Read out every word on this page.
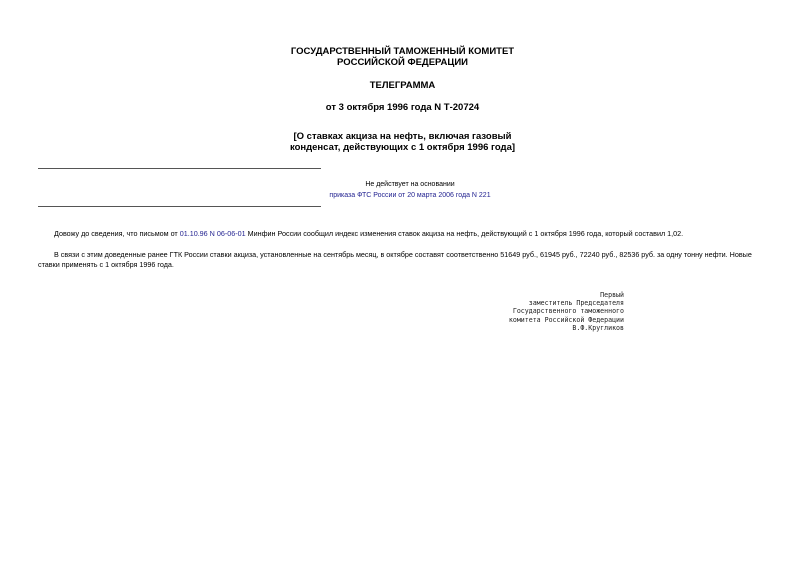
ГОСУДАРСТВЕННЫЙ ТАМОЖЕННЫЙ КОМИТЕТ
РОССИЙСКОЙ ФЕДЕРАЦИИ
ТЕЛЕГРАММА
от 3 октября 1996 года N Т-20724
[О ставках акциза на нефть, включая газовый
конденсат, действующих с 1 октября 1996 года]
Не действует на основании
приказа ФТС России от 20 марта 2006 года N 221
Довожу до сведения, что письмом от 01.10.96 N 06-06-01 Минфин России сообщил индекс изменения ставок акциза на нефть, действующий с 1 октября 1996 года, который составил 1,02.
В связи с этим доведенные ранее ГТК России ставки акциза, установленные на сентябрь месяц, в октябре составят соответственно 51649 руб., 61945 руб., 72240 руб., 82536 руб. за одну тонну нефти. Новые ставки применять с 1 октября 1996 года.
Первый
заместитель Председателя
Государственного таможенного
комитета Российской Федерации
В.Ф.Кругликов
